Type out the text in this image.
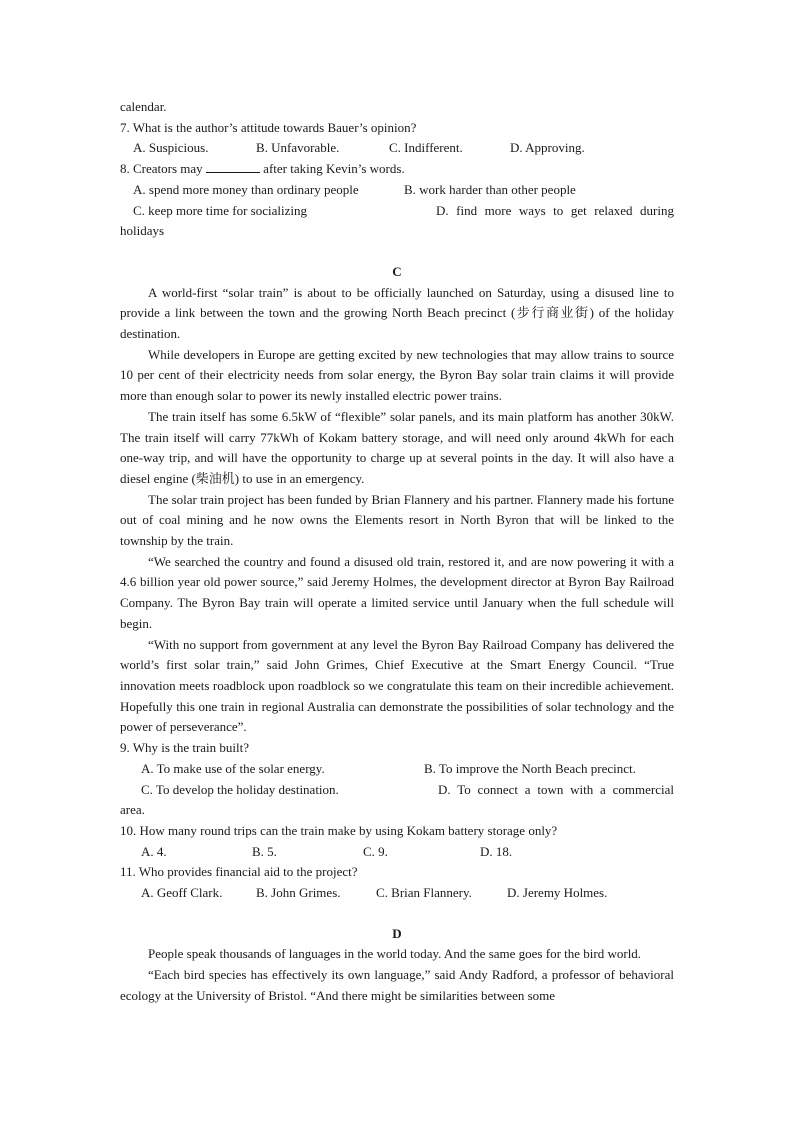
calendar.
7. What is the author’s attitude towards Bauer’s opinion?
A. Suspicious.	B. Unfavorable.	C. Indifferent.	D. Approving.
8. Creators may	after taking Kevin’s words.
A. spend more money than ordinary people	B. work harder than other people
C. keep more time for socializing	D. find more ways to get relaxed during holidays
C
A world-first “solar train” is about to be officially launched on Saturday, using a disused line to provide a link between the town and the growing North Beach precinct (步行商业街) of the holiday destination.
While developers in Europe are getting excited by new technologies that may allow trains to source 10 per cent of their electricity needs from solar energy, the Byron Bay solar train claims it will provide more than enough solar to power its newly installed electric power trains.
The train itself has some 6.5kW of “flexible” solar panels, and its main platform has another 30kW. The train itself will carry 77kWh of Kokam battery storage, and will need only around 4kWh for each one-way trip, and will have the opportunity to charge up at several points in the day. It will also have a diesel engine (柴油机) to use in an emergency.
The solar train project has been funded by Brian Flannery and his partner. Flannery made his fortune out of coal mining and he now owns the Elements resort in North Byron that will be linked to the township by the train.
“We searched the country and found a disused old train, restored it, and are now powering it with a 4.6 billion year old power source,” said Jeremy Holmes, the development director at Byron Bay Railroad Company. The Byron Bay train will operate a limited service until January when the full schedule will begin.
“With no support from government at any level the Byron Bay Railroad Company has delivered the world’s first solar train,” said John Grimes, Chief Executive at the Smart Energy Council. “True innovation meets roadblock upon roadblock so we congratulate this team on their incredible achievement. Hopefully this one train in regional Australia can demonstrate the possibilities of solar technology and the power of perseverance”.
9. Why is the train built?
A. To make use of the solar energy.	B. To improve the North Beach precinct.
C. To develop the holiday destination.	D. To connect a town with a commercial area.
10. How many round trips can the train make by using Kokam battery storage only?
A. 4.	B. 5.	C. 9.	D. 18.
11. Who provides financial aid to the project?
A. Geoff Clark.	B. John Grimes.	C. Brian Flannery.	D. Jeremy Holmes.
D
People speak thousands of languages in the world today. And the same goes for the bird world.
“Each bird species has effectively its own language,” said Andy Radford, a professor of behavioral ecology at the University of Bristol. “And there might be similarities between some
